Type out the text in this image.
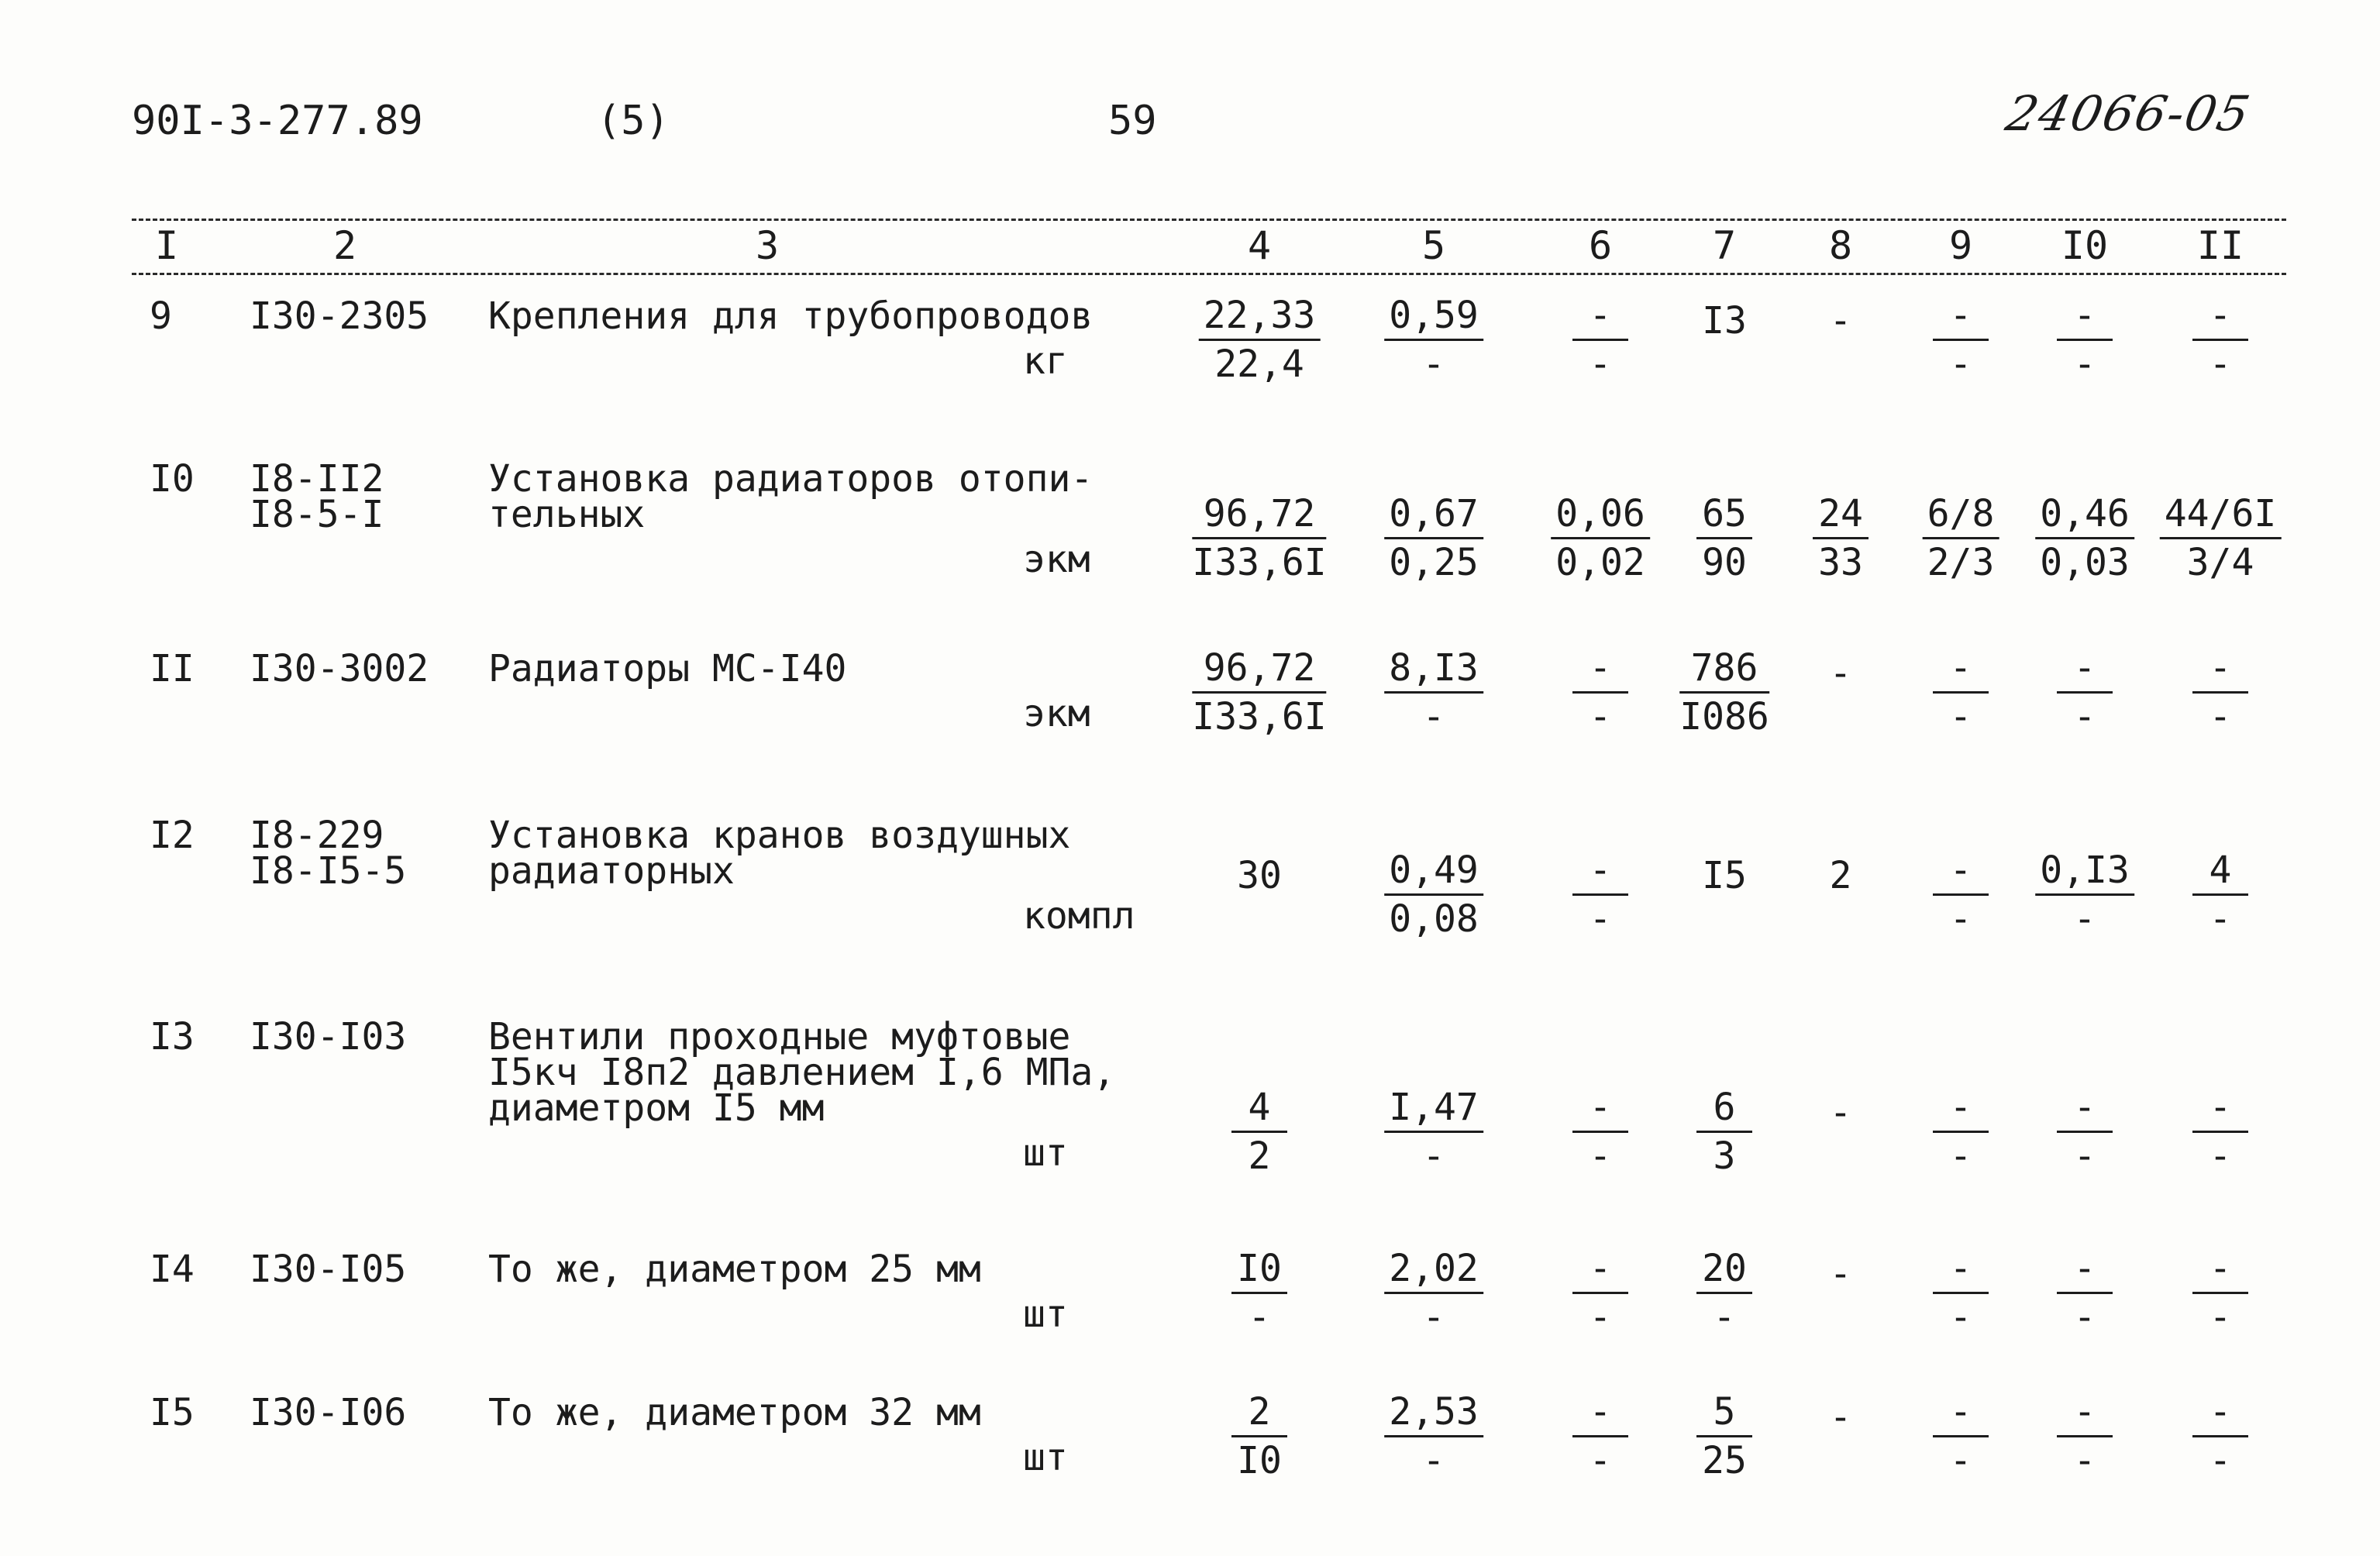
90I-3-277.89	(5)	59	24066-05
I	2	3	4	5	6	7 8 9 I0 II
9 I30-2305 Крепления для трубопроводов
кг	$\frac{22,33}{22,4} \frac{0,59}{-} \frac{-}{-} I3 - \frac{-}{-} \frac{-}{-} \frac{-}{-}$
I0 I8-II2
I8-5-I
Установка радиаторов отопи-
тельных
экм	$\frac{96,72}{I33,6I} \frac{0,67}{0,25} \frac{0,06}{0,02} \frac{65}{90} \frac{24}{33} \frac{6/8}{2/3} \frac{0,46}{0,03} \frac{44/6I}{3/4}$
II I30-3002 Радиаторы МС-I40
экм	$\frac{96,72}{I33,6I} \frac{8,I3}{-} \frac{-}{-} \frac{786}{I086} - \frac{-}{-} \frac{-}{-} \frac{-}{-}$
I2 I8-229
I8-I5-5
Установка кранов воздушных
радиаторных
компл
30	$\frac{0,49}{0,08} \frac{-}{-} I5$ $2 \frac{-}{-} \frac{0,I3}{-} \frac{4}{-}$
I3 I30-I03 Вентили проходные муфтовые
I5кч I8п2 давлением I,6 МПа,
диаметром I5 мм
шт	$\frac{4}{2}$	$\frac{I,47}{-} \frac{-}{-} \frac{6}{3} - \frac{-}{-} \frac{-}{-} \frac{-}{-}$
I4 I30-I05 То же, диаметром 25 мм
шт	$\frac{I0}{-}$	$\frac{2,02}{-} \frac{-}{-} \frac{20}{-} - \frac{-}{-} \frac{-}{-} \frac{-}{-}$
I5 I30-I06 То же, диаметром 32 мм
шт	$\frac{2}{I0}$	$\frac{2,53}{-} \frac{-}{-} \frac{5}{25} - \frac{-}{-} \frac{-}{-} \frac{-}{-}$
